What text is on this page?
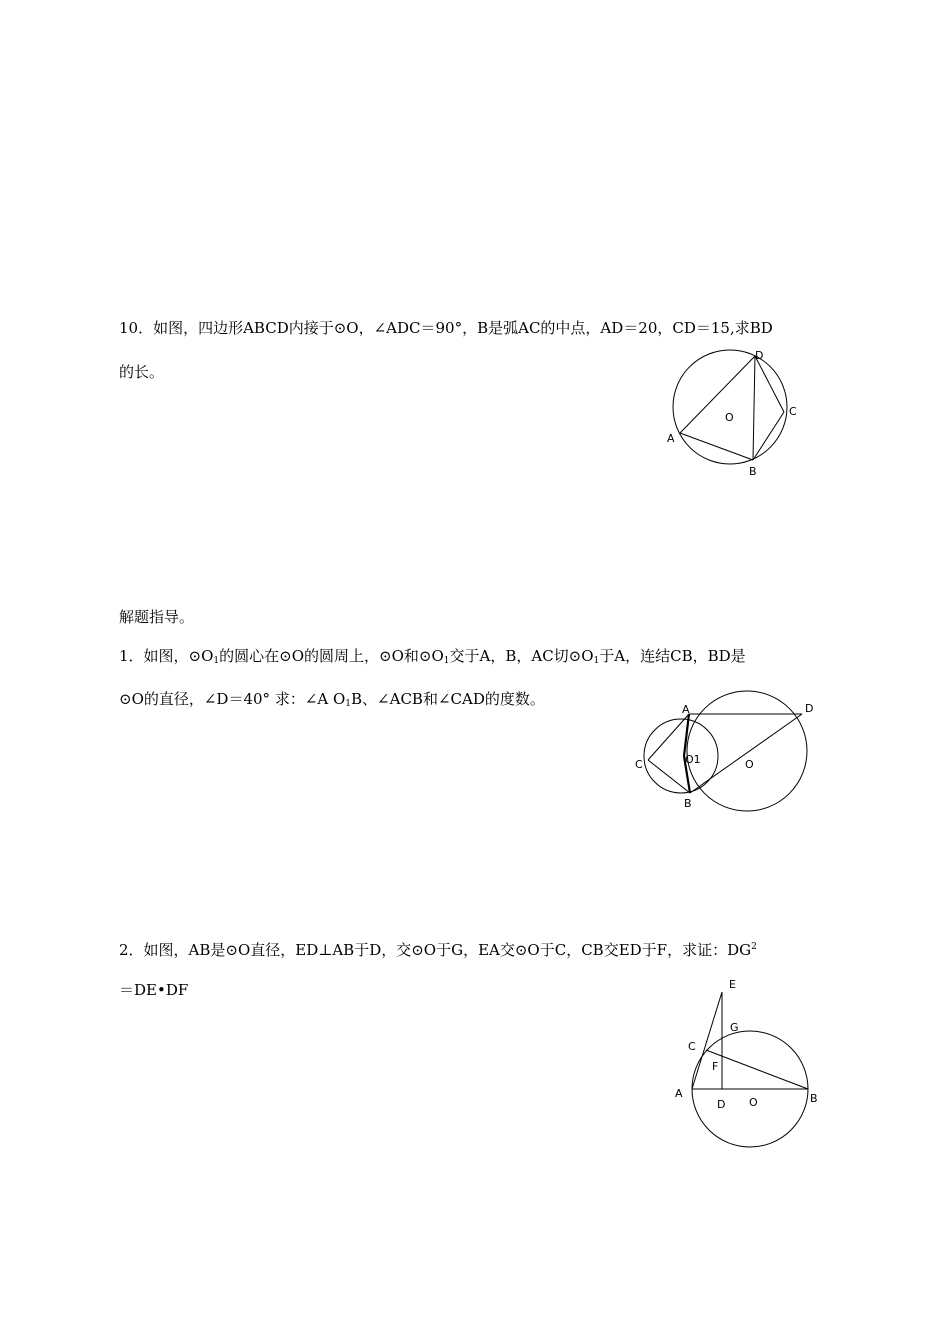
10．如图，四边形ABCD内接于⊙O，∠ADC＝90°，B是弧AC的中点，AD＝20，CD＝15,求BD
的长。
D
C
O
A
B
解题指导。
1．如图，$⊙O_1$的圆心在⊙O的圆周上，⊙O和$⊙O_1$交于A，B，AC切$⊙O_1$于A，连结CB，BD是
⊙O的直径，∠D＝40° 求：∠A $O_1B$、∠ACB和∠CAD的度数。
A	D
C	O1	O
B
2．如图，AB是⊙O直径，ED⊥AB于D，交⊙O于G，EA交⊙O于C，CB交ED于F，求证：$DG^2$
＝DE•DF	E
G
C
F
A
D O	B
